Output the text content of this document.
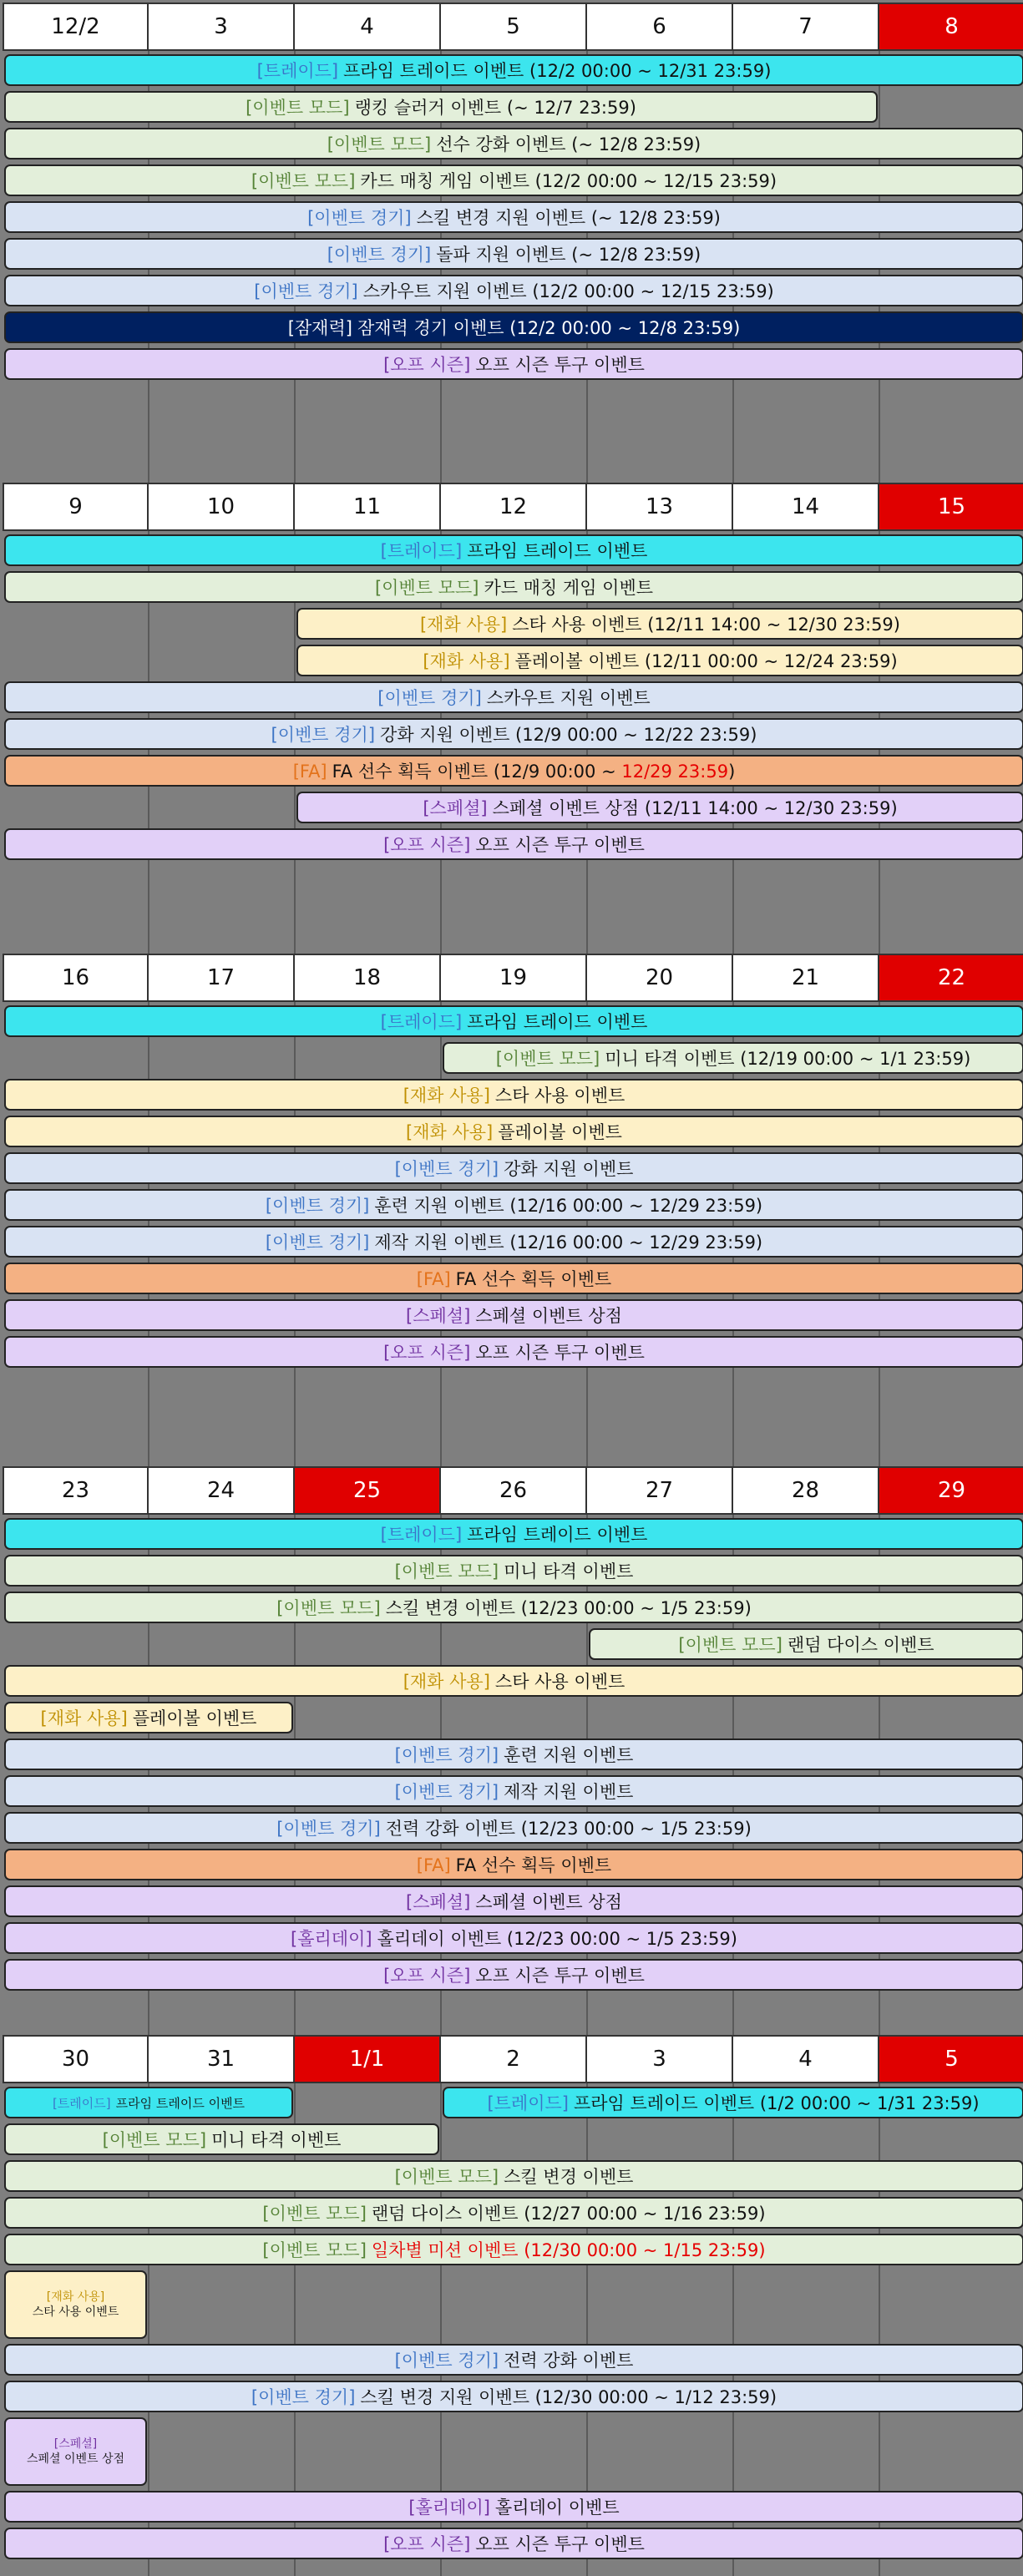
12/2	3	4	5	6	7	8
[트레이드] 프라임 트레이드 이벤트 (12/2 00:00 ~ 12/31 23:59)
[이벤트 모드] 랭킹 슬러거 이벤트 (~ 12/7 23:59)
[이벤트 모드] 선수 강화 이벤트 (~ 12/8 23:59)
[이벤트 모드] 카드 매칭 게임 이벤트 (12/2 00:00 ~ 12/15 23:59)
[이벤트 경기] 스킬 변경 지원 이벤트 (~ 12/8 23:59)
[이벤트 경기] 돌파 지원 이벤트 (~ 12/8 23:59)
[이벤트 경기] 스카우트 지원 이벤트 (12/2 00:00 ~ 12/15 23:59)
[잠재력] 잠재력 경기 이벤트 (12/2 00:00 ~ 12/8 23:59)
[오프 시즌] 오프 시즌 투구 이벤트
9	10	11	12	13	14	15
[트레이드] 프라임 트레이드 이벤트
[이벤트 모드] 카드 매칭 게임 이벤트
[재화 사용] 스타 사용 이벤트 (12/11 14:00 ~ 12/30 23:59)
[재화 사용] 플레이볼 이벤트 (12/11 00:00 ~ 12/24 23:59)
[이벤트 경기] 스카우트 지원 이벤트
[이벤트 경기] 강화 지원 이벤트 (12/9 00:00 ~ 12/22 23:59)
[FA] FA 선수 획득 이벤트 (12/9 00:00 ~ 12/29 23:59)
[스페셜] 스페셜 이벤트 상점 (12/11 14:00 ~ 12/30 23:59)
[오프 시즌] 오프 시즌 투구 이벤트
16	17	18	19	20	21	22
[트레이드] 프라임 트레이드 이벤트
[이벤트 모드] 미니 타격 이벤트 (12/19 00:00 ~ 1/1 23:59)
[재화 사용] 스타 사용 이벤트
[재화 사용] 플레이볼 이벤트
[이벤트 경기] 강화 지원 이벤트
[이벤트 경기] 훈련 지원 이벤트 (12/16 00:00 ~ 12/29 23:59)
[이벤트 경기] 제작 지원 이벤트 (12/16 00:00 ~ 12/29 23:59)
[FA] FA 선수 획득 이벤트
[스페셜] 스페셜 이벤트 상점
[오프 시즌] 오프 시즌 투구 이벤트
23	24	25	26	27	28	29
[트레이드] 프라임 트레이드 이벤트
[이벤트 모드] 미니 타격 이벤트
[이벤트 모드] 스킬 변경 이벤트 (12/23 00:00 ~ 1/5 23:59)
[이벤트 모드] 랜덤 다이스 이벤트
[재화 사용] 스타 사용 이벤트
[재화 사용] 플레이볼 이벤트
[이벤트 경기] 훈련 지원 이벤트
[이벤트 경기] 제작 지원 이벤트
[이벤트 경기] 전력 강화 이벤트 (12/23 00:00 ~ 1/5 23:59)
[FA] FA 선수 획득 이벤트
[스페셜] 스페셜 이벤트 상점
[홀리데이] 홀리데이 이벤트 (12/23 00:00 ~ 1/5 23:59)
[오프 시즌] 오프 시즌 투구 이벤트
30	31	1/1	2	3	4	5
[트레이드] 프라임 트레이드 이벤트	[트레이드] 프라임 트레이드 이벤트 (1/2 00:00 ~ 1/31 23:59)
[이벤트 모드] 미니 타격 이벤트
[이벤트 모드] 스킬 변경 이벤트
[이벤트 모드] 랜덤 다이스 이벤트 (12/27 00:00 ~ 1/16 23:59)
[이벤트 모드] 일차별 미션 이벤트 (12/30 00:00 ~ 1/15 23:59)
[재화 사용]
스타 사용 이벤트
[이벤트 경기] 전력 강화 이벤트
[이벤트 경기] 스킬 변경 지원 이벤트 (12/30 00:00 ~ 1/12 23:59)
[스페셜]
스페셜 이벤트 상점
[홀리데이] 홀리데이 이벤트
[오프 시즌] 오프 시즌 투구 이벤트
